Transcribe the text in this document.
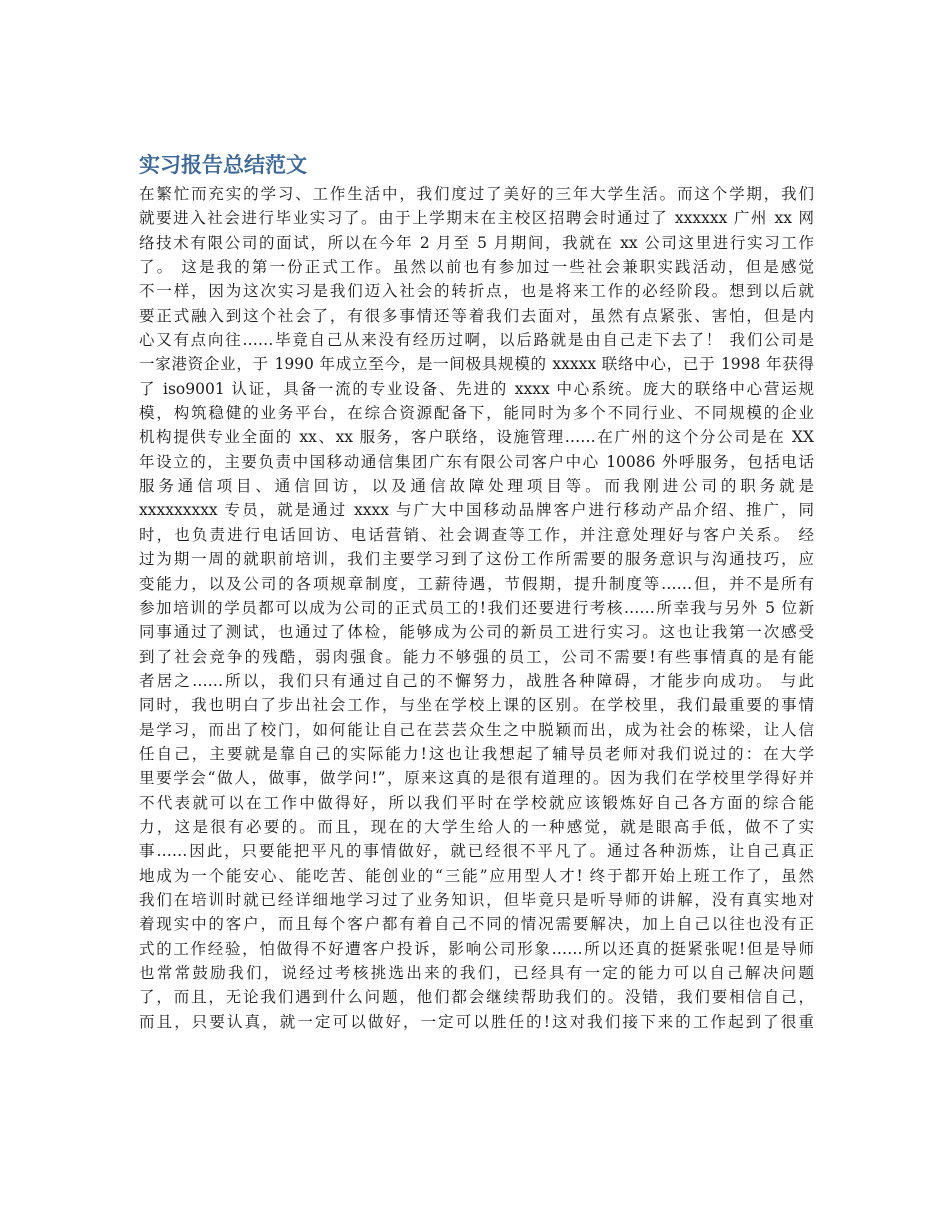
实习报告总结范文
在繁忙而充实的学习、工作生活中，我们度过了美好的三年大学生活。而这个学期，我们
就要进入社会进行毕业实习了。由于上学期末在主校区招聘会时通过了 xxxxxx 广州 xx 网
络技术有限公司的面试，所以在今年 2 月至 5 月期间，我就在 xx 公司这里进行实习工作
了。 这是我的第一份正式工作。虽然以前也有参加过一些社会兼职实践活动，但是感觉
不一样，因为这次实习是我们迈入社会的转折点，也是将来工作的必经阶段。想到以后就
要正式融入到这个社会了，有很多事情还等着我们去面对，虽然有点紧张、害怕，但是内
心又有点向往……毕竟自己从来没有经历过啊，以后路就是由自己走下去了！ 我们公司是
一家港资企业，于 1990 年成立至今，是一间极具规模的 xxxxx 联络中心，已于 1998 年获得
了 iso9001 认证，具备一流的专业设备、先进的 xxxx 中心系统。庞大的联络中心营运规
模，构筑稳健的业务平台，在综合资源配备下，能同时为多个不同行业、不同规模的企业
机构提供专业全面的 xx、xx 服务，客户联络，设施管理……在广州的这个分公司是在 XX
年设立的，主要负责中国移动通信集团广东有限公司客户中心 10086 外呼服务，包括电话
服务通信项目、通信回访，以及通信故障处理项目等。而我刚进公司的职务就是
xxxxxxxxx 专员，就是通过 xxxx 与广大中国移动品牌客户进行移动产品介绍、推广，同
时，也负责进行电话回访、电话营销、社会调查等工作，并注意处理好与客户关系。 经
过为期一周的就职前培训，我们主要学习到了这份工作所需要的服务意识与沟通技巧，应
变能力，以及公司的各项规章制度，工薪待遇，节假期，提升制度等……但，并不是所有
参加培训的学员都可以成为公司的正式员工的!我们还要进行考核……所幸我与另外 5 位新
同事通过了测试，也通过了体检，能够成为公司的新员工进行实习。这也让我第一次感受
到了社会竞争的残酷，弱肉强食。能力不够强的员工，公司不需要!有些事情真的是有能
者居之……所以，我们只有通过自己的不懈努力，战胜各种障碍，才能步向成功。 与此
同时，我也明白了步出社会工作，与坐在学校上课的区别。在学校里，我们最重要的事情
是学习，而出了校门，如何能让自己在芸芸众生之中脱颖而出，成为社会的栋梁，让人信
任自己，主要就是靠自己的实际能力!这也让我想起了辅导员老师对我们说过的：在大学
里要学会“做人，做事，做学问!”，原来这真的是很有道理的。因为我们在学校里学得好并
不代表就可以在工作中做得好，所以我们平时在学校就应该锻炼好自己各方面的综合能
力，这是很有必要的。而且，现在的大学生给人的一种感觉，就是眼高手低，做不了实
事……因此，只要能把平凡的事情做好，就已经很不平凡了。通过各种沥炼，让自己真正
地成为一个能安心、能吃苦、能创业的“三能”应用型人才! 终于都开始上班工作了，虽然
我们在培训时就已经详细地学习过了业务知识，但毕竟只是听导师的讲解，没有真实地对
着现实中的客户，而且每个客户都有着自己不同的情况需要解决，加上自己以往也没有正
式的工作经验，怕做得不好遭客户投诉，影响公司形象……所以还真的挺紧张呢!但是导师
也常常鼓励我们，说经过考核挑选出来的我们，已经具有一定的能力可以自己解决问题
了，而且，无论我们遇到什么问题，他们都会继续帮助我们的。没错，我们要相信自己，
而且，只要认真，就一定可以做好，一定可以胜任的!这对我们接下来的工作起到了很重
